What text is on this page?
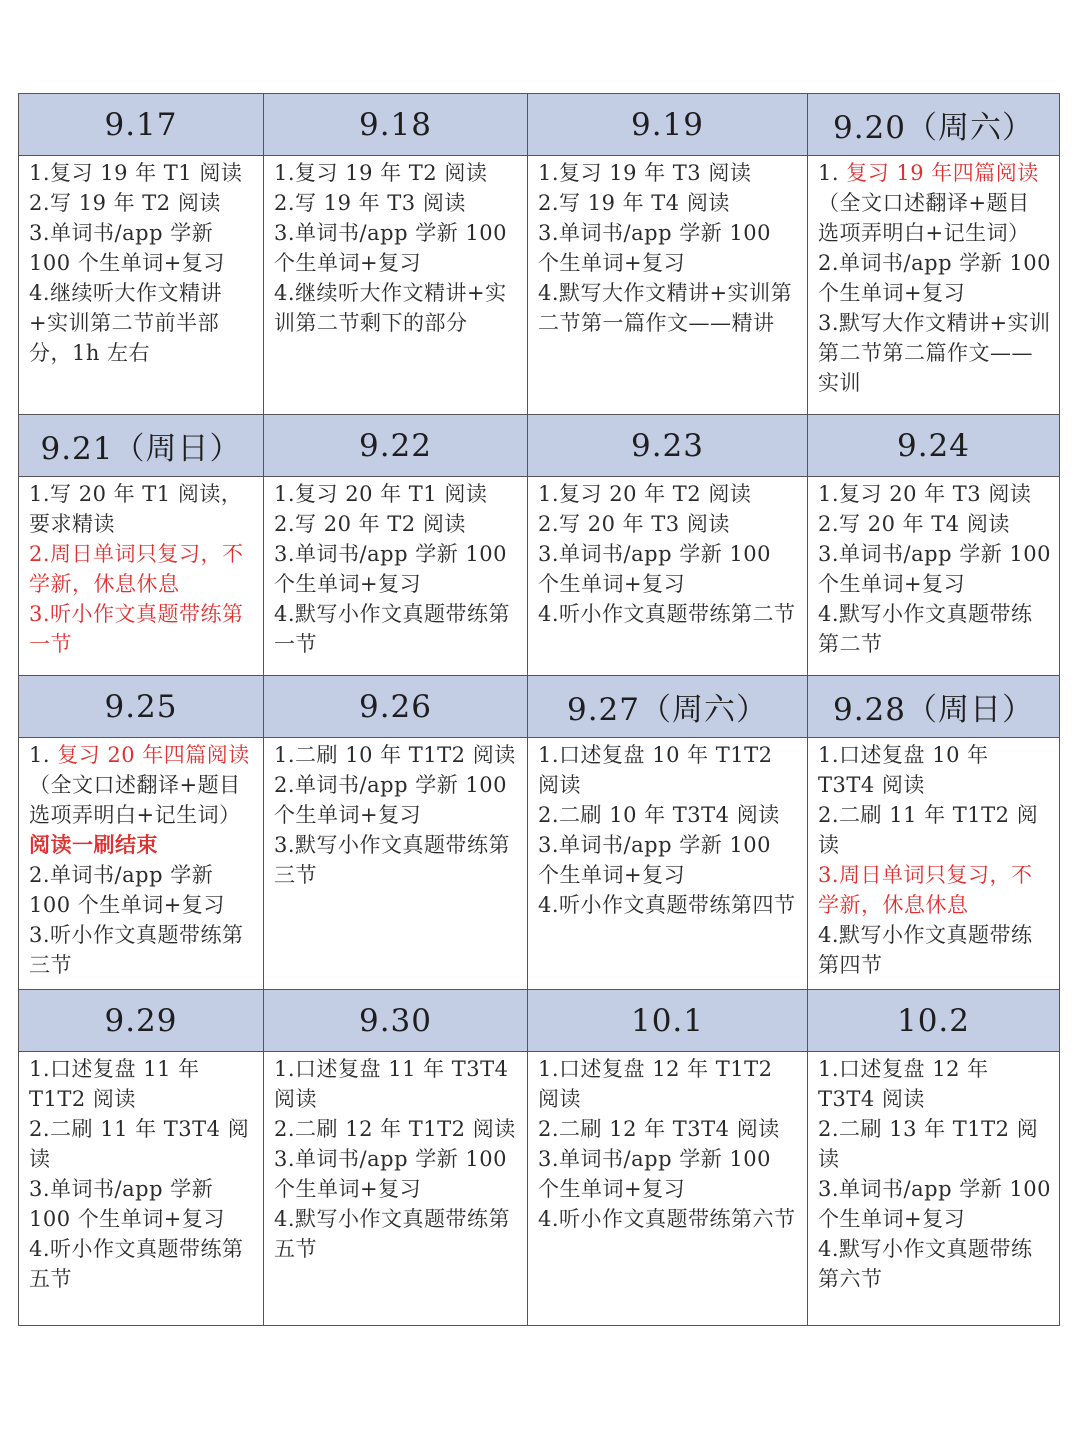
9.17	9.18	9.19	9.20（周六）

1.复习 19 年 T1 阅读
2.写 19 年 T2 阅读
3.单词书/app 学新 100 个生单词+复习
4.继续听大作文精讲+实训第二节前半部分，1h 左右	1.复习 19 年 T2 阅读
2.写 19 年 T3 阅读
3.单词书/app 学新 100 个生单词+复习
4.继续听大作文精讲+实训第二节剩下的部分	1.复习 19 年 T3 阅读
2.写 19 年 T4 阅读
3.单词书/app 学新 100 个生单词+复习
4.默写大作文精讲+实训第二节第一篇作文——精讲	1. 复习 19 年四篇阅读（全文口述翻译+题目选项弄明白+记生词）
2.单词书/app 学新 100 个生单词+复习
3.默写大作文精讲+实训第二节第二篇作文——实训

9.21（周日）	9.22	9.23	9.24

1.写 20 年 T1 阅读，要求精读
2.周日单词只复习，不学新，休息休息
3.听小作文真题带练第一节	1.复习 20 年 T1 阅读
2.写 20 年 T2 阅读
3.单词书/app 学新 100 个生单词+复习
4.默写小作文真题带练第一节	1.复习 20 年 T2 阅读
2.写 20 年 T3 阅读
3.单词书/app 学新 100 个生单词+复习
4.听小作文真题带练第二节	1.复习 20 年 T3 阅读
2.写 20 年 T4 阅读
3.单词书/app 学新 100 个生单词+复习
4.默写小作文真题带练第二节

9.25	9.26	9.27（周六）	9.28（周日）

1. 复习 20 年四篇阅读（全文口述翻译+题目选项弄明白+记生词）阅读一刷结束
2.单词书/app 学新 100 个生单词+复习
3.听小作文真题带练第三节	1.二刷 10 年 T1T2 阅读
2.单词书/app 学新 100 个生单词+复习
3.默写小作文真题带练第三节	1.口述复盘 10 年 T1T2 阅读
2.二刷 10 年 T3T4 阅读
3.单词书/app 学新 100 个生单词+复习
4.听小作文真题带练第四节	1.口述复盘 10 年 T3T4 阅读
2.二刷 11 年 T1T2 阅读
3.周日单词只复习，不学新，休息休息
4.默写小作文真题带练第四节

9.29	9.30	10.1	10.2

1.口述复盘 11 年 T1T2 阅读
2.二刷 11 年 T3T4 阅读
3.单词书/app 学新 100 个生单词+复习
4.听小作文真题带练第五节	1.口述复盘 11 年 T3T4 阅读
2.二刷 12 年 T1T2 阅读
3.单词书/app 学新 100 个生单词+复习
4.默写小作文真题带练第五节	1.口述复盘 12 年 T1T2 阅读
2.二刷 12 年 T3T4 阅读
3.单词书/app 学新 100 个生单词+复习
4.听小作文真题带练第六节	1.口述复盘 12 年 T3T4 阅读
2.二刷 13 年 T1T2 阅读
3.单词书/app 学新 100 个生单词+复习
4.默写小作文真题带练第六节
